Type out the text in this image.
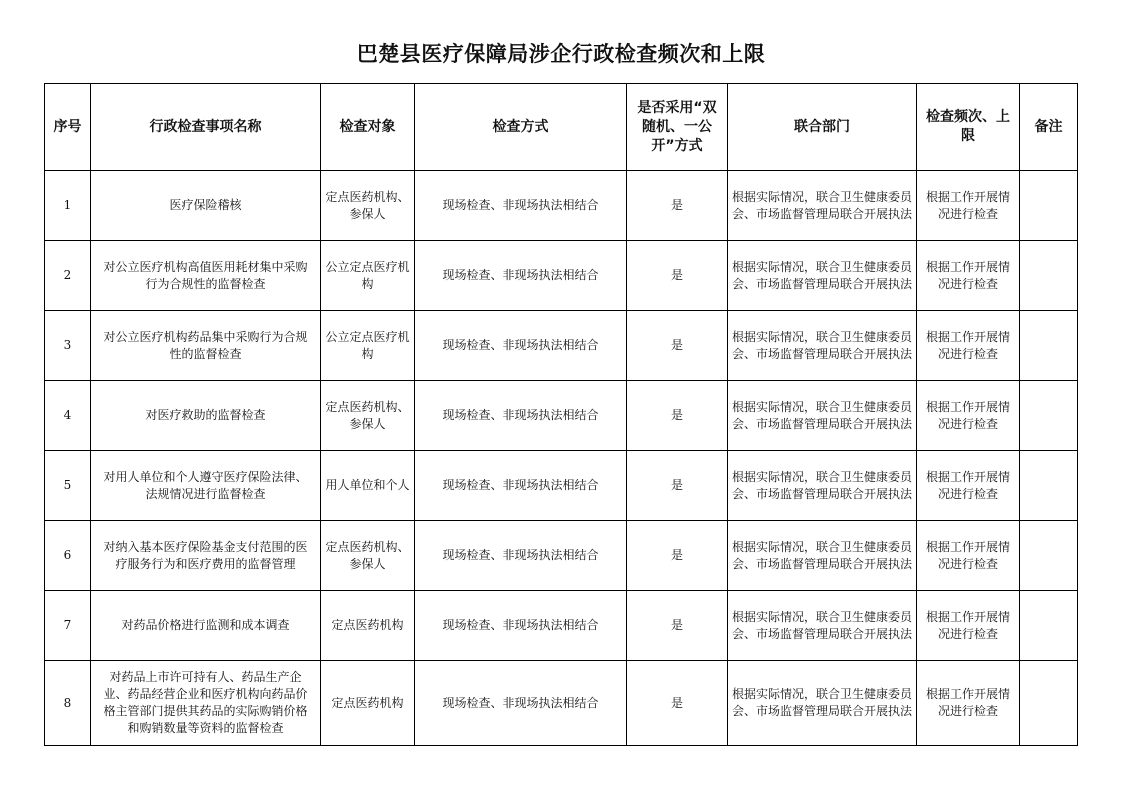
巴楚县医疗保障局涉企行政检查频次和上限
序号	行政检查事项名称	检查对象	检查方式	是否采用“双随机、一公开”方式	联合部门	检查频次、上限	备注
1	医疗保险稽核	定点医药机构、参保人	现场检查、非现场执法相结合	是	根据实际情况，联合卫生健康委员会、市场监督管理局联合开展执法	根据工作开展情况进行检查	
2	对公立医疗机构高值医用耗材集中采购行为合规性的监督检查	公立定点医疗机构	现场检查、非现场执法相结合	是	根据实际情况，联合卫生健康委员会、市场监督管理局联合开展执法	根据工作开展情况进行检查	
3	对公立医疗机构药品集中采购行为合规性的监督检查	公立定点医疗机构	现场检查、非现场执法相结合	是	根据实际情况，联合卫生健康委员会、市场监督管理局联合开展执法	根据工作开展情况进行检查	
4	对医疗救助的监督检查	定点医药机构、参保人	现场检查、非现场执法相结合	是	根据实际情况，联合卫生健康委员会、市场监督管理局联合开展执法	根据工作开展情况进行检查	
5	对用人单位和个人遵守医疗保险法律、法规情况进行监督检查	用人单位和个人	现场检查、非现场执法相结合	是	根据实际情况，联合卫生健康委员会、市场监督管理局联合开展执法	根据工作开展情况进行检查	
6	对纳入基本医疗保险基金支付范围的医疗服务行为和医疗费用的监督管理	定点医药机构、参保人	现场检查、非现场执法相结合	是	根据实际情况，联合卫生健康委员会、市场监督管理局联合开展执法	根据工作开展情况进行检查	
7	对药品价格进行监测和成本调查	定点医药机构	现场检查、非现场执法相结合	是	根据实际情况，联合卫生健康委员会、市场监督管理局联合开展执法	根据工作开展情况进行检查	
8	对药品上市许可持有人、药品生产企业、药品经营企业和医疗机构向药品价格主管部门提供其药品的实际购销价格和购销数量等资料的监督检查	定点医药机构	现场检查、非现场执法相结合	是	根据实际情况，联合卫生健康委员会、市场监督管理局联合开展执法	根据工作开展情况进行检查	
